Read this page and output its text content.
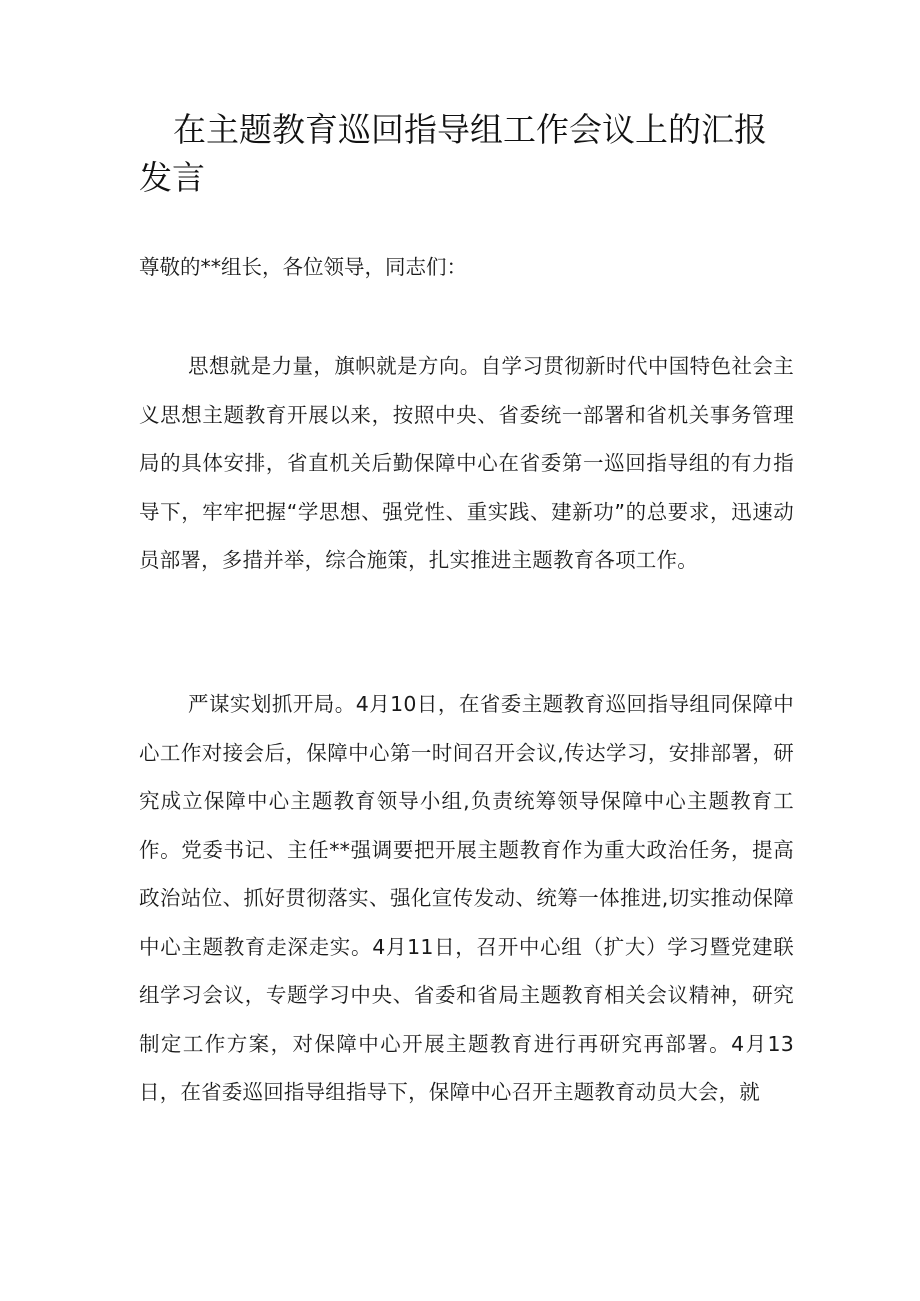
在主题教育巡回指导组工作会议上的汇报发言

尊敬的**组长，各位领导，同志们：

思想就是力量，旗帜就是方向。自学习贯彻新时代中国特色社会主义思想主题教育开展以来，按照中央、省委统一部署和省机关事务管理局的具体安排，省直机关后勤保障中心在省委第一巡回指导组的有力指导下，牢牢把握“学思想、强党性、重实践、建新功”的总要求，迅速动员部署，多措并举，综合施策，扎实推进主题教育各项工作。

严谋实划抓开局。4月10日，在省委主题教育巡回指导组同保障中心工作对接会后，保障中心第一时间召开会议,传达学习，安排部署，研究成立保障中心主题教育领导小组,负责统筹领导保障中心主题教育工作。党委书记、主任**强调要把开展主题教育作为重大政治任务，提高政治站位、抓好贯彻落实、强化宣传发动、统筹一体推进,切实推动保障中心主题教育走深走实。4月11日，召开中心组（扩大）学习暨党建联组学习会议，专题学习中央、省委和省局主题教育相关会议精神，研究制定工作方案，对保障中心开展主题教育进行再研究再部署。4月13日，在省委巡回指导组指导下，保障中心召开主题教育动员大会，就
